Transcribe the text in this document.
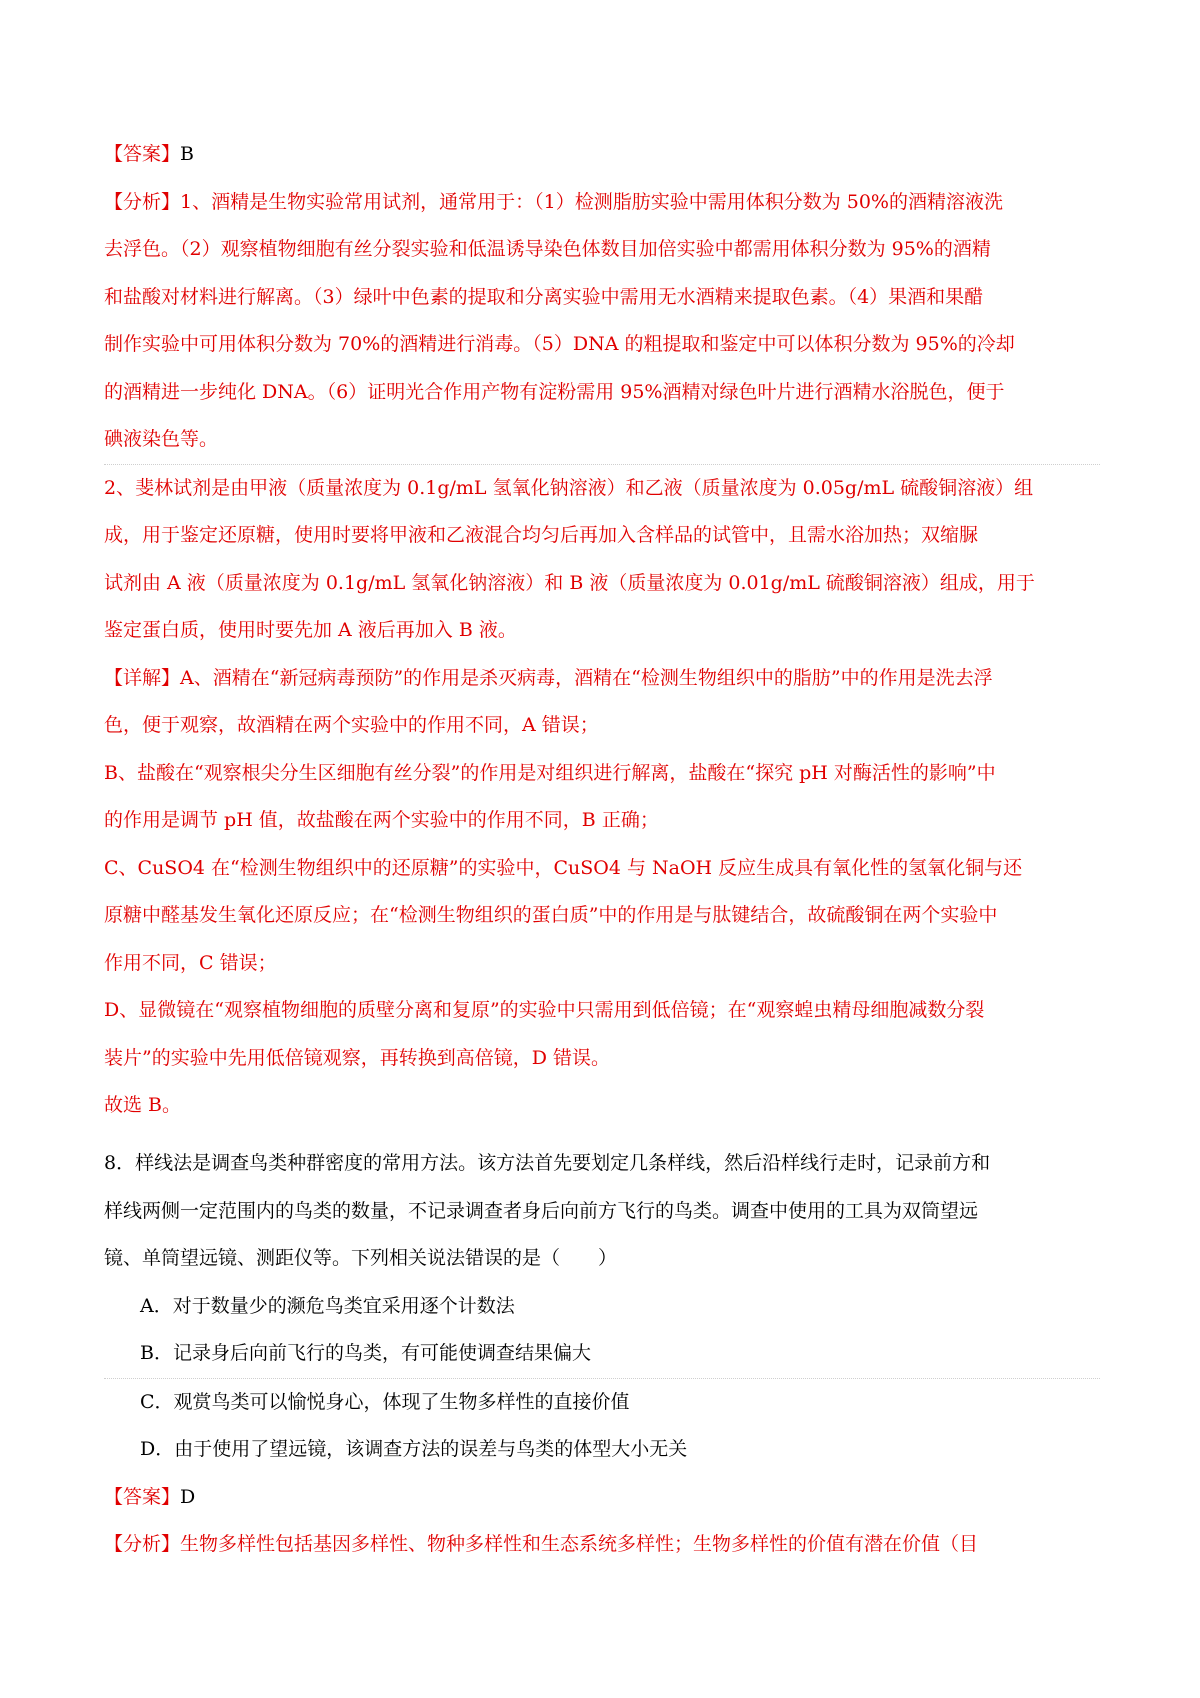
【答案】B
【分析】1、酒精是生物实验常用试剂，通常用于：（1）检测脂肪实验中需用体积分数为 50%的酒精溶液洗
去浮色。（2）观察植物细胞有丝分裂实验和低温诱导染色体数目加倍实验中都需用体积分数为 95%的酒精
和盐酸对材料进行解离。（3）绿叶中色素的提取和分离实验中需用无水酒精来提取色素。（4）果酒和果醋
制作实验中可用体积分数为 70%的酒精进行消毒。（5）DNA 的粗提取和鉴定中可以体积分数为 95%的冷却
的酒精进一步纯化 DNA。（6）证明光合作用产物有淀粉需用 95%酒精对绿色叶片进行酒精水浴脱色，便于
碘液染色等。
2、斐林试剂是由甲液（质量浓度为 0.1g/mL 氢氧化钠溶液）和乙液（质量浓度为 0.05g/mL 硫酸铜溶液）组
成，用于鉴定还原糖，使用时要将甲液和乙液混合均匀后再加入含样品的试管中，且需水浴加热；双缩脲
试剂由 A 液（质量浓度为 0.1g/mL 氢氧化钠溶液）和 B 液（质量浓度为 0.01g/mL 硫酸铜溶液）组成，用于
鉴定蛋白质，使用时要先加 A 液后再加入 B 液。
【详解】A、酒精在“新冠病毒预防”的作用是杀灭病毒，酒精在“检测生物组织中的脂肪”中的作用是洗去浮
色，便于观察，故酒精在两个实验中的作用不同，A 错误；
B、盐酸在“观察根尖分生区细胞有丝分裂”的作用是对组织进行解离，盐酸在“探究 pH 对酶活性的影响”中
的作用是调节 pH 值，故盐酸在两个实验中的作用不同，B 正确；
C、CuSO4 在“检测生物组织中的还原糖”的实验中，CuSO4 与 NaOH 反应生成具有氧化性的氢氧化铜与还
原糖中醛基发生氧化还原反应；在“检测生物组织的蛋白质”中的作用是与肽键结合，故硫酸铜在两个实验中
作用不同，C 错误；
D、显微镜在“观察植物细胞的质壁分离和复原”的实验中只需用到低倍镜；在“观察蝗虫精母细胞减数分裂
装片”的实验中先用低倍镜观察，再转换到高倍镜，D 错误。
故选 B。
8．样线法是调查鸟类种群密度的常用方法。该方法首先要划定几条样线，然后沿样线行走时，记录前方和
样线两侧一定范围内的鸟类的数量，不记录调查者身后向前方飞行的鸟类。调查中使用的工具为双筒望远
镜、单筒望远镜、测距仪等。下列相关说法错误的是（　　）
A．对于数量少的濒危鸟类宜采用逐个计数法
B．记录身后向前飞行的鸟类，有可能使调查结果偏大
C．观赏鸟类可以愉悦身心，体现了生物多样性的直接价值
D．由于使用了望远镜，该调查方法的误差与鸟类的体型大小无关
【答案】D
【分析】生物多样性包括基因多样性、物种多样性和生态系统多样性；生物多样性的价值有潜在价值（目
